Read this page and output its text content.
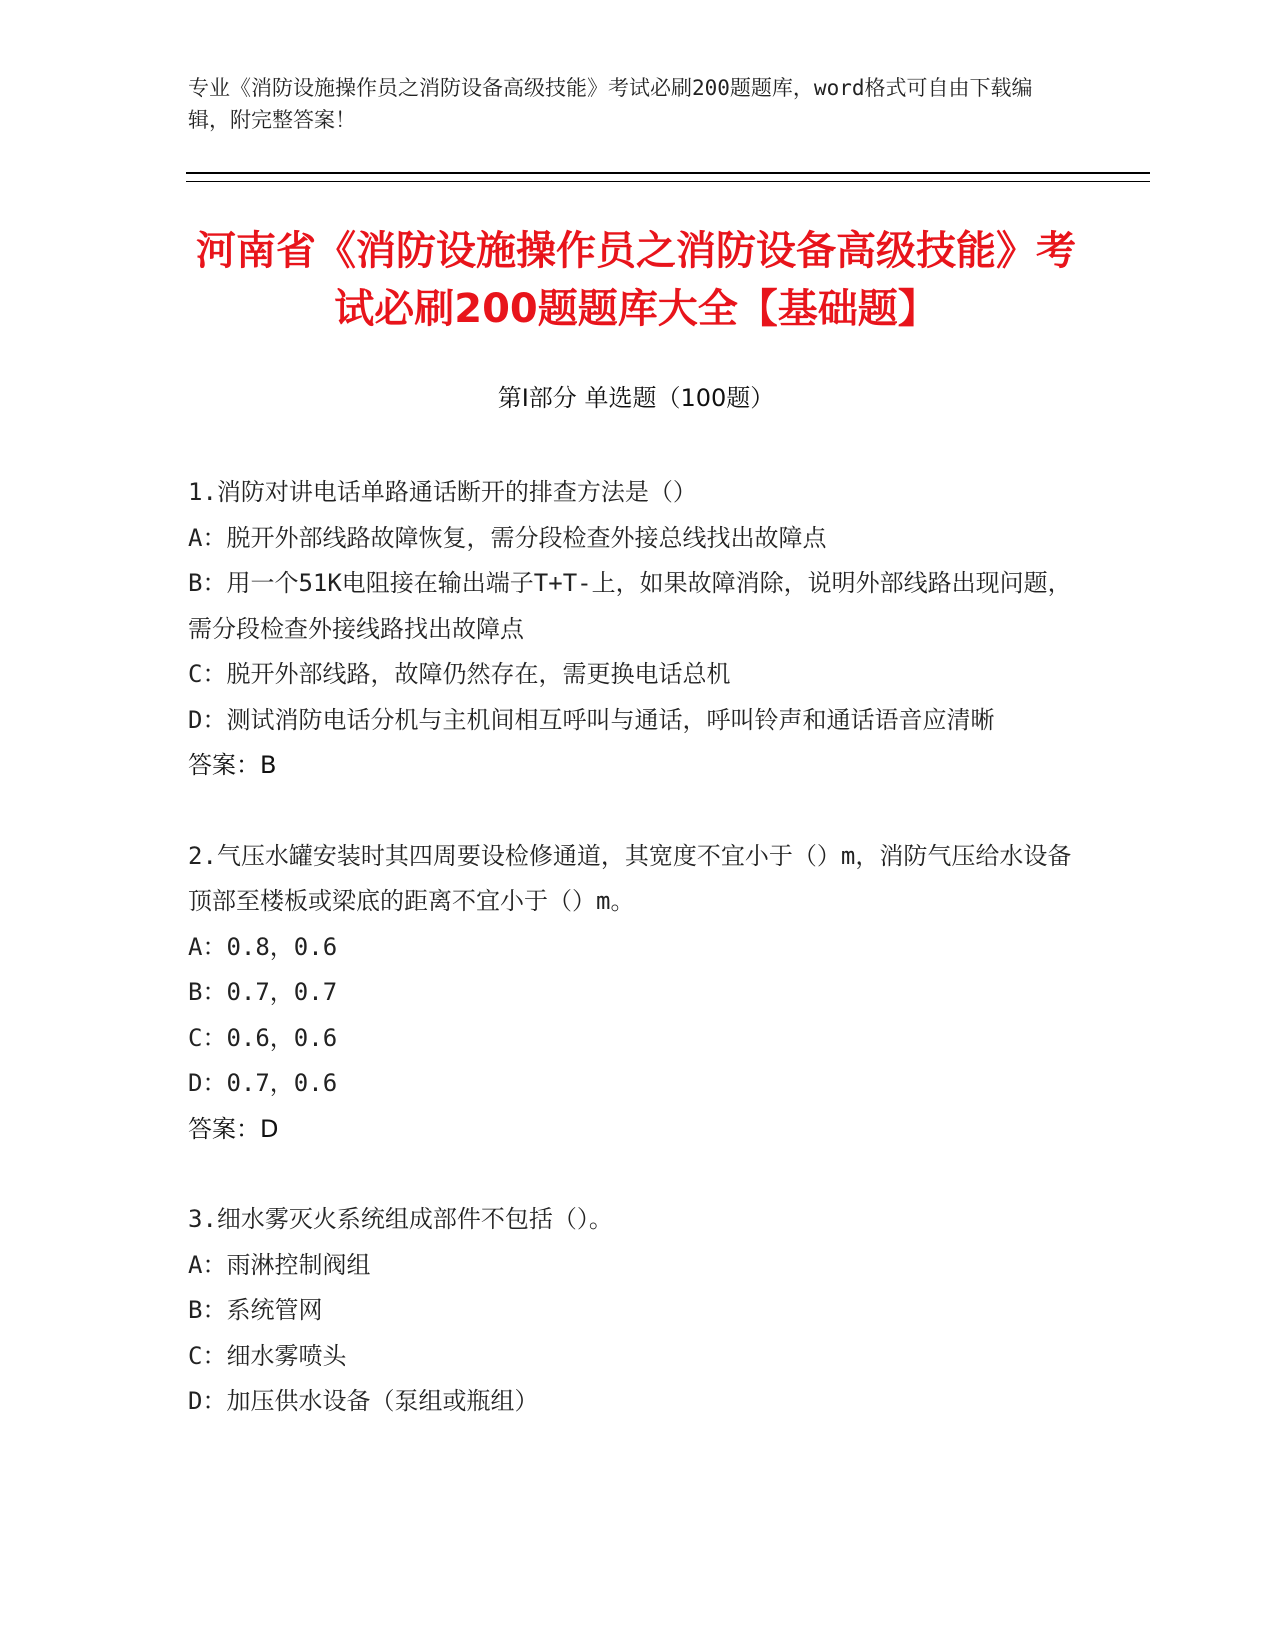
专业《消防设施操作员之消防设备高级技能》考试必刷200题题库，word格式可自由下载编辑，附完整答案！
河南省《消防设施操作员之消防设备高级技能》考试必刷200题题库大全【基础题】
第I部分 单选题（100题）

1.消防对讲电话单路通话断开的排查方法是（）

A：脱开外部线路故障恢复，需分段检查外接总线找出故障点

B：用一个51K电阻接在输出端子T+T-上，如果故障消除，说明外部线路出现问题，需分段检查外接线路找出故障点

C：脱开外部线路，故障仍然存在，需更换电话总机

D：测试消防电话分机与主机间相互呼叫与通话，呼叫铃声和通话语音应清晰

答案：B

2.气压水罐安装时其四周要设检修通道，其宽度不宜小于（）m，消防气压给水设备顶部至楼板或梁底的距离不宜小于（）m。

A：0.8，0.6

B：0.7，0.7

C：0.6，0.6

D：0.7，0.6

答案：D

3.细水雾灭火系统组成部件不包括（）。

A：雨淋控制阀组

B：系统管网

C：细水雾喷头

D：加压供水设备（泵组或瓶组）
